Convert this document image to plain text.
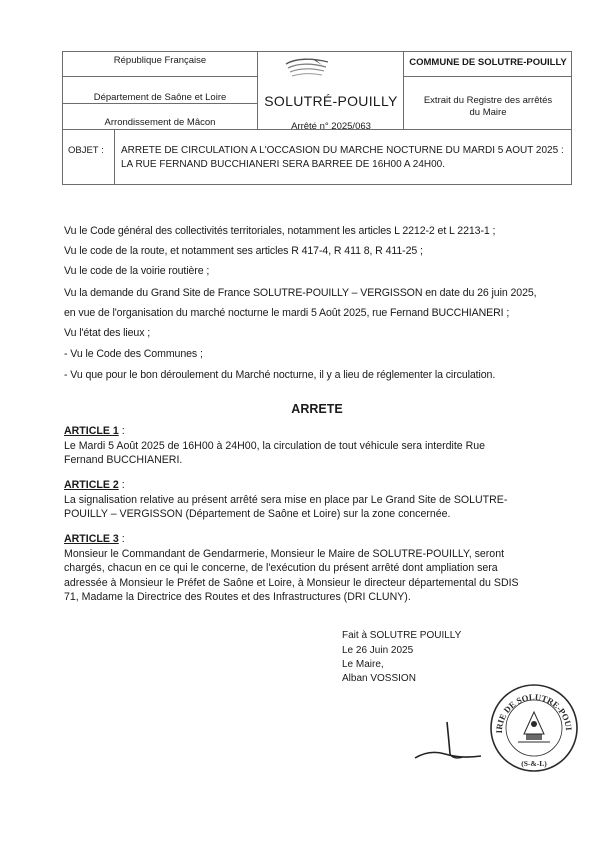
République Française
Département de Saône et Loire
Arrondissement de Mâcon
SOLUTRÉ-POUILLY
Arrêté n° 2025/063
COMMUNE DE SOLUTRE-POUILLY
Extrait du Registre des arrêtés du Maire
OBJET : ARRETE DE CIRCULATION A L'OCCASION DU MARCHE NOCTURNE DU MARDI 5 AOUT 2025 : LA RUE FERNAND BUCCHIANERI SERA BARREE DE 16H00 A 24H00.
Vu le Code général des collectivités territoriales, notamment les articles L 2212-2 et L 2213-1 ;
Vu le code de la route, et notamment ses articles R 417-4, R 411 8, R 411-25 ;
Vu le code de la voirie routière ;
Vu la demande du Grand Site de France SOLUTRE-POUILLY – VERGISSON en date du 26 juin 2025,
en vue de l'organisation du marché nocturne le mardi 5 Août 2025, rue Fernand BUCCHIANERI ;
Vu l'état des lieux ;
- Vu le Code des Communes ;
- Vu que pour le bon déroulement du Marché nocturne, il y a lieu de réglementer la circulation.
ARRETE
ARTICLE 1 :
Le Mardi 5 Août 2025 de 16H00 à 24H00, la circulation de tout véhicule sera interdite Rue
Fernand BUCCHIANERI.
ARTICLE 2 :
La signalisation relative au présent arrêté sera mise en place par Le Grand Site de SOLUTRE-
POUILLY – VERGISSON (Département de Saône et Loire) sur la zone concernée.
ARTICLE 3 :
Monsieur le Commandant de Gendarmerie, Monsieur le Maire de SOLUTRE-POUILLY, seront
chargés, chacun en ce qui le concerne, de l'exécution du présent arrêté dont ampliation sera
adressée à Monsieur le Préfet de Saône et Loire, à Monsieur le directeur départemental du SDIS
71, Madame la Directrice des Routes et des Infrastructures (DRI CLUNY).
Fait à SOLUTRE POUILLY
Le 26 Juin 2025
Le Maire,
Alban VOSSION
IRIE DE SOLUTRE-POUI
(S-&-L)
